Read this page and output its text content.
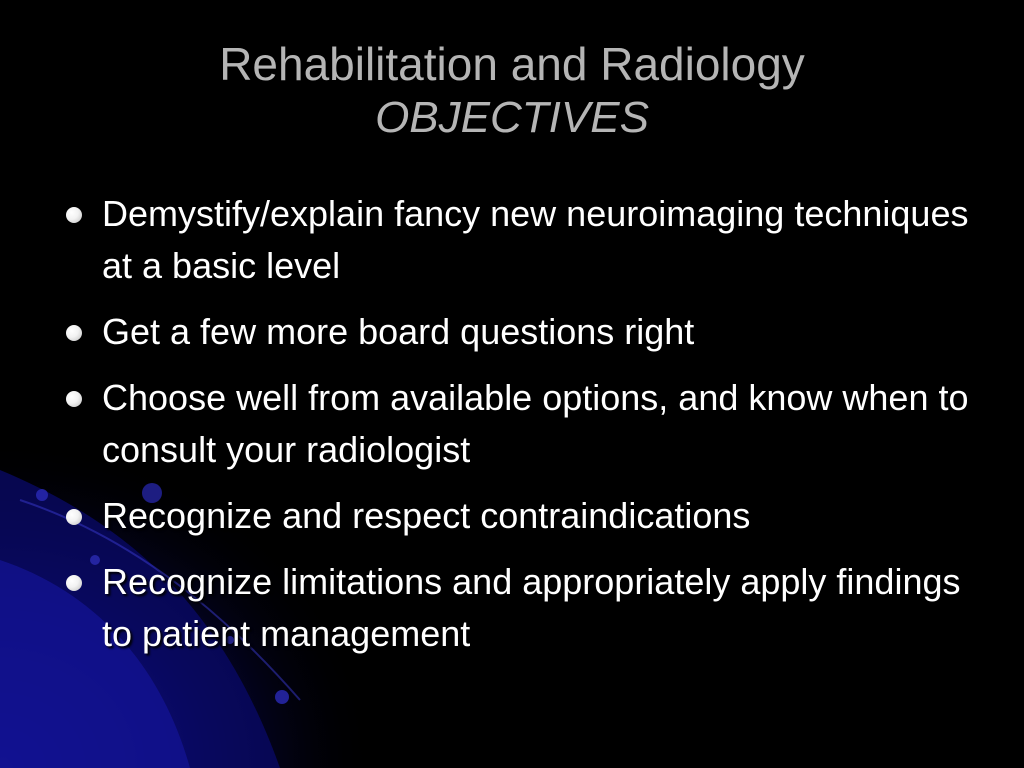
Rehabilitation and Radiology
OBJECTIVES
Demystify/explain fancy new neuroimaging techniques at a basic level
Get a few more board questions right
Choose well from available options, and know when to consult your radiologist
Recognize and respect contraindications
Recognize limitations and appropriately apply findings to patient management
